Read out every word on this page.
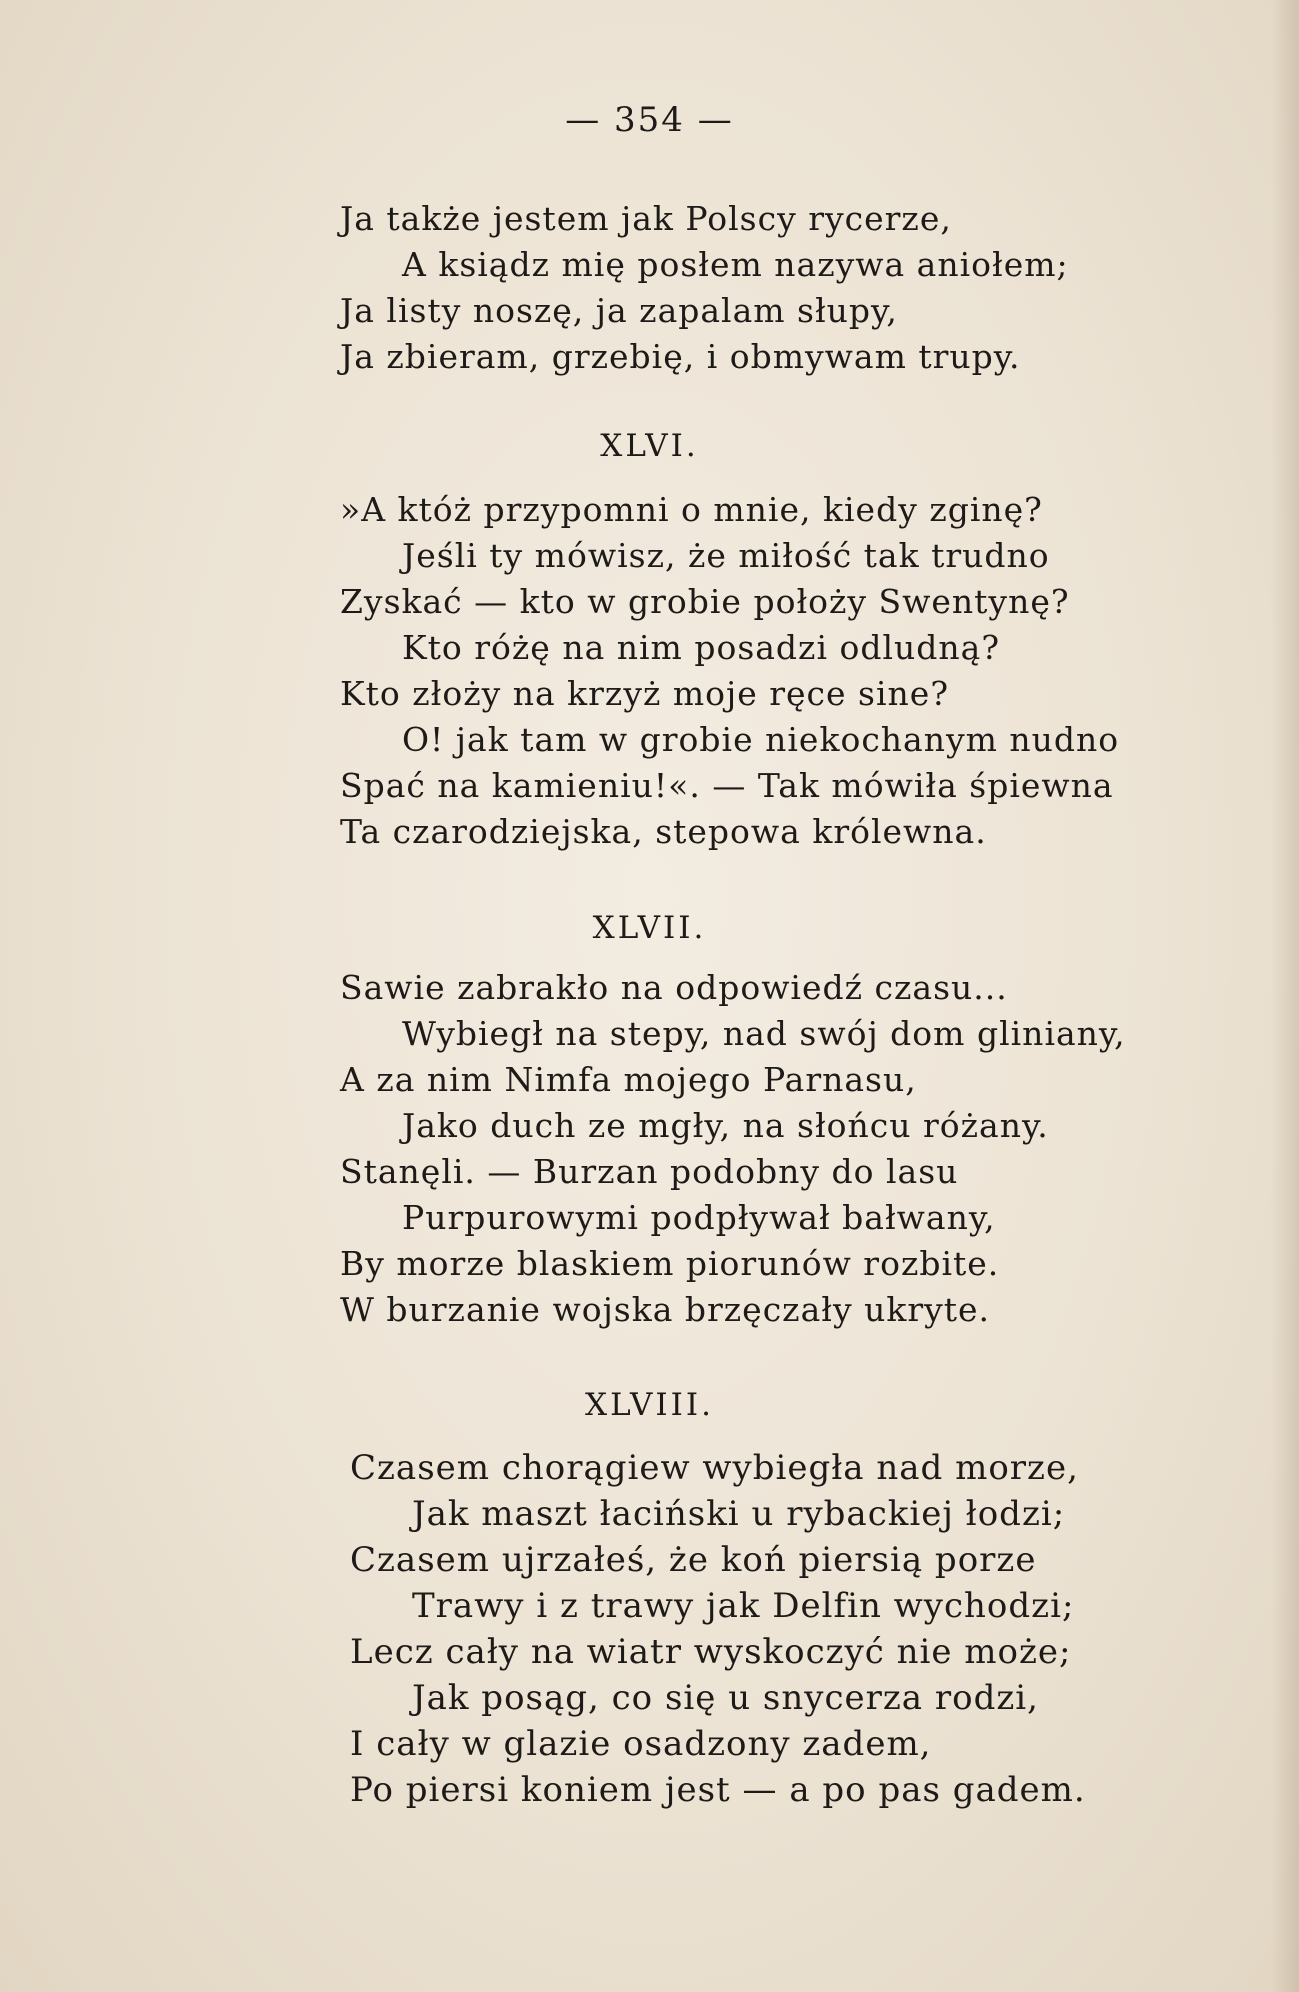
— 354 —
Ja także jestem jak Polscy rycerze,
A ksiądz mię posłem nazywa aniołem;
Ja listy noszę, ja zapalam słupy,
Ja zbieram, grzebię, i obmywam trupy.
XLVI.
»A któż przypomni o mnie, kiedy zginę?
Jeśli ty mówisz, że miłość tak trudno
Zyskać — kto w grobie położy Swentynę?
Kto różę na nim posadzi odludną?
Kto złoży na krzyż moje ręce sine?
O! jak tam w grobie niekochanym nudno
Spać na kamieniu!«. — Tak mówiła śpiewna
Ta czarodziejska, stepowa królewna.
XLVII.
Sawie zabrakło na odpowiedź czasu...
Wybiegł na stepy, nad swój dom gliniany,
A za nim Nimfa mojego Parnasu,
Jako duch ze mgły, na słońcu różany.
Stanęli. — Burzan podobny do lasu
Purpurowymi podpływał bałwany,
By morze blaskiem piorunów rozbite.
W burzanie wojska brzęczały ukryte.
XLVIII.
Czasem chorągiew wybiegła nad morze,
Jak maszt łaciński u rybackiej łodzi;
Czasem ujrzałeś, że koń piersią porze
Trawy i z trawy jak Delfin wychodzi;
Lecz cały na wiatr wyskoczyć nie może;
Jak posąg, co się u snycerza rodzi,
I cały w glazie osadzony zadem,
Po piersi koniem jest — a po pas gadem.
